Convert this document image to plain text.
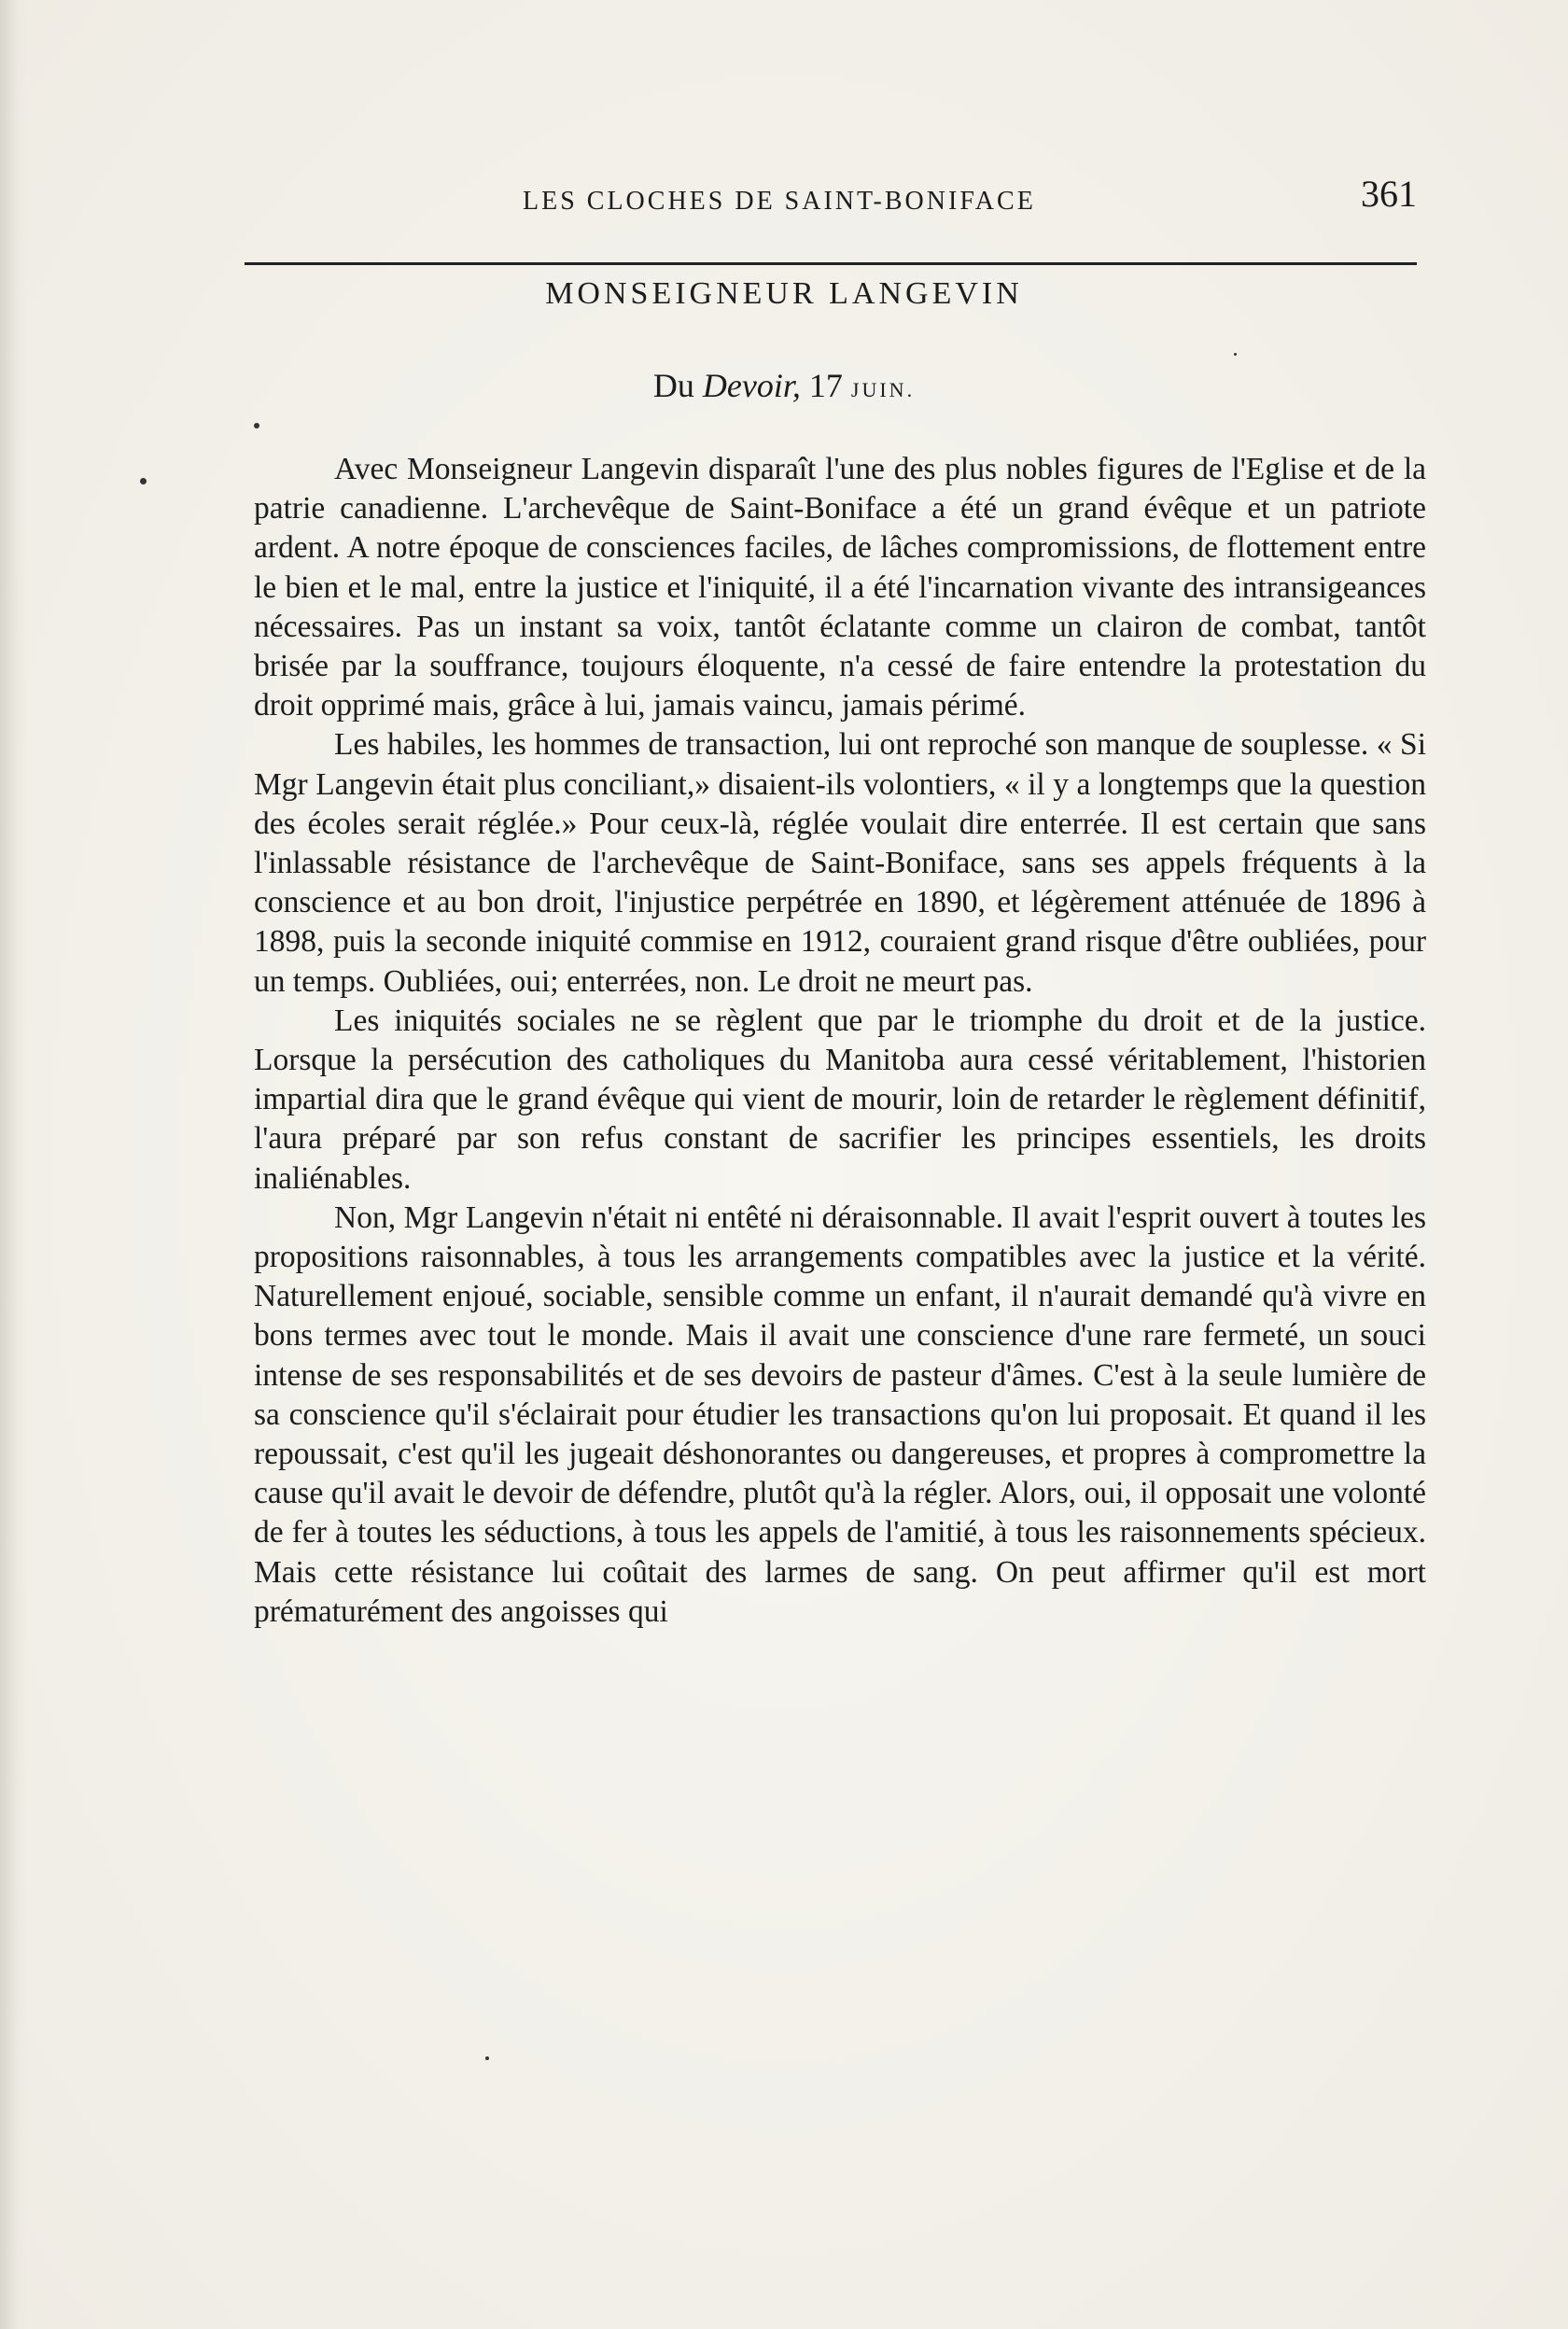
LES CLOCHES DE SAINT-BONIFACE	361
MONSEIGNEUR LANGEVIN
Du Devoir, 17 JUIN.

Avec Monseigneur Langevin disparaît l'une des plus nobles figures de l'Eglise et de la patrie canadienne. L'archevêque de Saint-Boniface a été un grand évêque et un patriote ardent. A notre époque de consciences faciles, de lâches compromissions, de flottement entre le bien et le mal, entre la justice et l'iniquité, il a été l'incarnation vivante des intransigeances nécessaires. Pas un instant sa voix, tantôt éclatante comme un clairon de combat, tantôt brisée par la souffrance, toujours éloquente, n'a cessé de faire entendre la protestation du droit opprimé mais, grâce à lui, jamais vaincu, jamais périmé.

Les habiles, les hommes de transaction, lui ont reproché son manque de souplesse. « Si Mgr Langevin était plus conciliant,» disaient-ils volontiers, « il y a longtemps que la question des écoles serait réglée.» Pour ceux-là, réglée voulait dire enterrée. Il est certain que sans l'inlassable résistance de l'archevêque de Saint-Boniface, sans ses appels fréquents à la conscience et au bon droit, l'injustice perpétrée en 1890, et légèrement atténuée de 1896 à 1898, puis la seconde iniquité commise en 1912, couraient grand risque d'être oubliées, pour un temps. Oubliées, oui; enterrées, non. Le droit ne meurt pas.

Les iniquités sociales ne se règlent que par le triomphe du droit et de la justice. Lorsque la persécution des catholiques du Manitoba aura cessé véritablement, l'historien impartial dira que le grand évêque qui vient de mourir, loin de retarder le règlement définitif, l'aura préparé par son refus constant de sacrifier les principes essentiels, les droits inaliénables.

Non, Mgr Langevin n'était ni entêté ni déraisonnable. Il avait l'esprit ouvert à toutes les propositions raisonnables, à tous les arrangements compatibles avec la justice et la vérité. Naturellement enjoué, sociable, sensible comme un enfant, il n'aurait demandé qu'à vivre en bons termes avec tout le monde. Mais il avait une conscience d'une rare fermeté, un souci intense de ses responsabilités et de ses devoirs de pasteur d'âmes. C'est à la seule lumière de sa conscience qu'il s'éclairait pour étudier les transactions qu'on lui proposait. Et quand il les repoussait, c'est qu'il les jugeait déshonorantes ou dangereuses, et propres à compromettre la cause qu'il avait le devoir de défendre, plutôt qu'à la régler. Alors, oui, il opposait une volonté de fer à toutes les séductions, à tous les appels de l'amitié, à tous les raisonnements spécieux. Mais cette résistance lui coûtait des larmes de sang. On peut affirmer qu'il est mort prématurément des angoisses qui
